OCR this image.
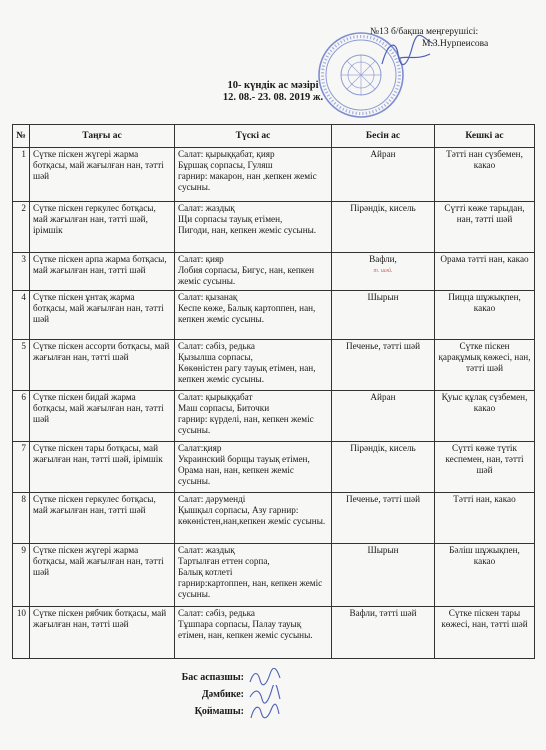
№13 б/бақша меңгерушісі:
М.З.Нурпеисова
10- күндік ас мәзірі
12. 08.- 23. 08. 2019 ж.
№	Таңғы ас	Түскі ас	Бесін ас	Кешкі ас
1	Сүтке піскен жүгері жарма ботқасы, май жағылған нан, тәтті шәй	Салат: қырыққабат, қияр
Бұршақ сорпасы, Гуляш
гарнир: макарон, нан ,кепкен жеміс сусыны.	Айран	Тәтті нан сүзбемен, какао
2	Сүтке піскен геркулес ботқасы, май жағылған нан, тәтті шәй, ірімшік	Салат: жаздық
Щи сорпасы тауық етімен,
Пигоди, нан, кепкен жеміс сусыны.	Пірәндік, кисель	Сүтті көже тарыдан,
нан, тәтті шәй
3	Сүтке піскен арпа жарма ботқасы, май жағылған нан, тәтті шәй	Салат: қияр
Лобия сорпасы, Бигус, нан, кепкен жеміс сусыны.	Вафли,
т. шәй.	Орама тәтті нан, какао
4	Сүтке піскен ұнтақ жарма ботқасы, май жағылған нан, тәтті шәй	Салат: қызанақ
Кеспе көже, Балық картоппен, нан, кепкен жеміс сусыны.	Шырын	Пицца шұжықпен, какао
5	Сүтке піскен ассорти ботқасы, май жағылған нан, тәтті шәй	Салат: сәбіз, редька
Қызылша сорпасы,
Көкөністен рагу тауық етімен, нан, кепкен жеміс сусыны.	Печенье, тәтті шәй	Сүтке піскен қарақұмық көжесі, нан, тәтті шәй
6	Сүтке піскен бидай жарма ботқасы, май жағылған нан, тәтті шәй	Салат: қырыққабат
Маш сорпасы, Биточки
гарнир: күрделі, нан, кепкен жеміс сусыны.	Айран	Қуыс құлақ сүзбемен, какао
7	Сүтке піскен тары ботқасы, май жағылған нан, тәтті шәй, ірімшік	Салат:қияр
Украинский борщы тауық етімен, Орама нан, нан, кепкен жеміс сусыны.	Пірәндік, кисель	Сүтті көже түтік кеспемен, нан, тәтті шәй
8	Сүтке піскен геркулес ботқасы, май жағылған нан, тәтті шәй	Салат: дәруменді
Қышқыл сорпасы, Азу гарнир: көкөністен,нан,кепкен жеміс сусыны.	Печенье, тәтті шәй	Тәтті нан, какао
9	Сүтке піскен жүгері жарма ботқасы, май жағылған нан, тәтті шәй	Салат: жаздық
Тартылған еттен сорпа,
Балық котлеті
гарнир:картоппен, нан, кепкен жеміс сусыны.	Шырын	Бәліш шұжықпен, какао
10	Сүтке піскен рябчик ботқасы, май жағылған нан, тәтті шәй	Салат: сәбіз, редька
Тұшпара сорпасы, Палау тауық етімен, нан, кепкен жеміс сусыны.	Вафли, тәтті шәй	Сүтке піскен тары көжесі, нан, тәтті шәй
Бас аспазшы:
Дәмбике:
Қоймашы:
